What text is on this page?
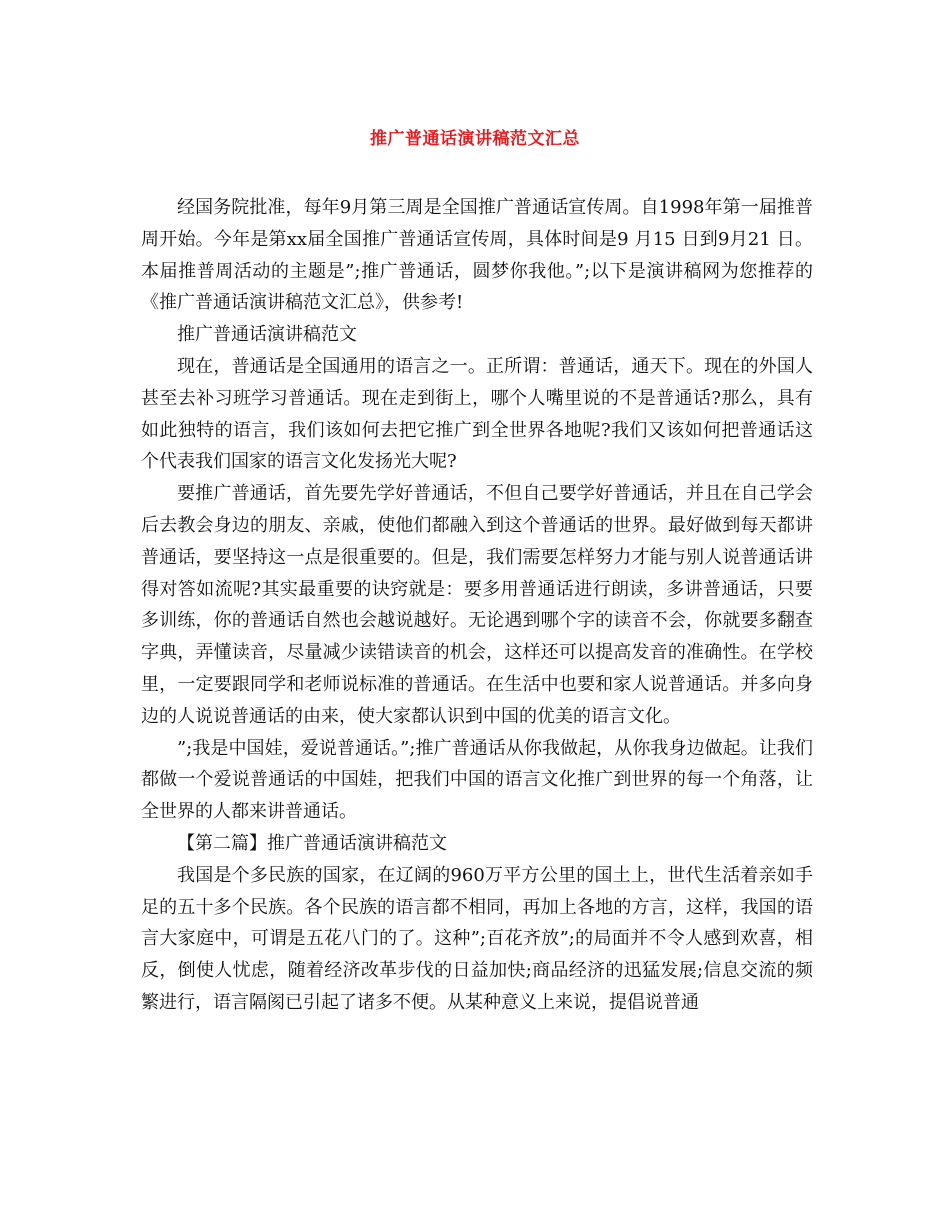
推广普通话演讲稿范文汇总

经国务院批准，每年9月第三周是全国推广普通话宣传周。自1998年第一届推普周开始。今年是第xx届全国推广普通话宣传周，具体时间是9 月15 日到9月21 日。本届推普周活动的主题是”;推广普通话，圆梦你我他。”;以下是演讲稿网为您推荐的《推广普通话演讲稿范文汇总》，供参考!

推广普通话演讲稿范文

现在，普通话是全国通用的语言之一。正所谓：普通话，通天下。现在的外国人甚至去补习班学习普通话。现在走到街上，哪个人嘴里说的不是普通话?那么，具有如此独特的语言，我们该如何去把它推广到全世界各地呢?我们又该如何把普通话这个代表我们国家的语言文化发扬光大呢?

要推广普通话，首先要先学好普通话，不但自己要学好普通话，并且在自己学会后去教会身边的朋友、亲戚，使他们都融入到这个普通话的世界。最好做到每天都讲普通话，要坚持这一点是很重要的。但是，我们需要怎样努力才能与别人说普通话讲得对答如流呢?其实最重要的诀窍就是：要多用普通话进行朗读，多讲普通话，只要多训练，你的普通话自然也会越说越好。无论遇到哪个字的读音不会，你就要多翻查字典，弄懂读音，尽量减少读错读音的机会，这样还可以提高发音的准确性。在学校里，一定要跟同学和老师说标准的普通话。在生活中也要和家人说普通话。并多向身边的人说说普通话的由来，使大家都认识到中国的优美的语言文化。

”;我是中国娃，爱说普通话。”;推广普通话从你我做起，从你我身边做起。让我们都做一个爱说普通话的中国娃，把我们中国的语言文化推广到世界的每一个角落，让全世界的人都来讲普通话。

【第二篇】推广普通话演讲稿范文

我国是个多民族的国家，在辽阔的960万平方公里的国土上，世代生活着亲如手足的五十多个民族。各个民族的语言都不相同，再加上各地的方言，这样，我国的语言大家庭中，可谓是五花八门的了。这种”;百花齐放”;的局面并不令人感到欢喜，相反，倒使人忧虑，随着经济改革步伐的日益加快;商品经济的迅猛发展;信息交流的频繁进行，语言隔阂已引起了诸多不便。从某种意义上来说，提倡说普通
